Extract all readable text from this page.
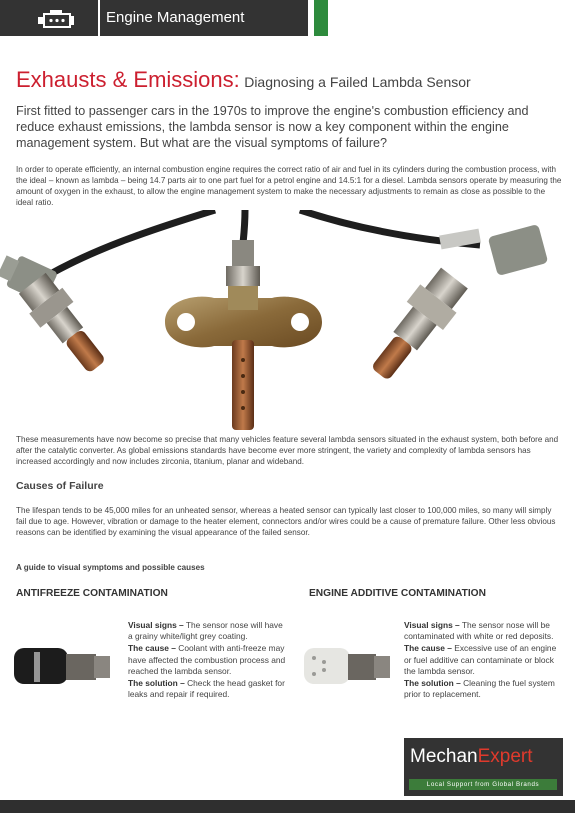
Engine Management
Exhausts & Emissions: Diagnosing a Failed Lambda Sensor
First fitted to passenger cars in the 1970s to improve the engine's combustion efficiency and reduce exhaust emissions, the lambda sensor is now a key component within the engine management system. But what are the visual symptoms of failure?
In order to operate efficiently, an internal combustion engine requires the correct ratio of air and fuel in its cylinders during the combustion process, with the ideal – known as lambda – being 14.7 parts air to one part fuel for a petrol engine and 14.5:1 for a diesel. Lambda sensors operate by measuring the amount of oxygen in the exhaust, to allow the engine management system to make the necessary adjustments to remain as close as possible to the ideal ratio.
These measurements have now become so precise that many vehicles feature several lambda sensors situated in the exhaust system, both before and after the catalytic converter. As global emissions standards have become ever more stringent, the variety and complexity of lambda sensors has increased accordingly and now includes zirconia, titanium, planar and wideband.
Causes of Failure
The lifespan tends to be 45,000 miles for an unheated sensor, whereas a heated sensor can typically last closer to 100,000 miles, so many will simply fail due to age. However, vibration or damage to the heater element, connectors and/or wires could be a cause of premature failure. Other less obvious reasons can be identified by examining the visual appearance of the failed sensor.
A guide to visual symptoms and possible causes
ANTIFREEZE CONTAMINATION

Visual signs – The sensor nose will have a grainy white/light grey coating.

The cause – Coolant with anti-freeze may have affected the combustion process and reached the lambda sensor.

The solution – Check the head gasket for leaks and repair if required.

ENGINE ADDITIVE CONTAMINATION

Visual signs – The sensor nose will be contaminated with white or red deposits.

The cause – Excessive use of an engine or fuel additive can contaminate or block the lambda sensor.

The solution – Cleaning the fuel system prior to replacement.

MechanExpert
Local Support from Global Brands
